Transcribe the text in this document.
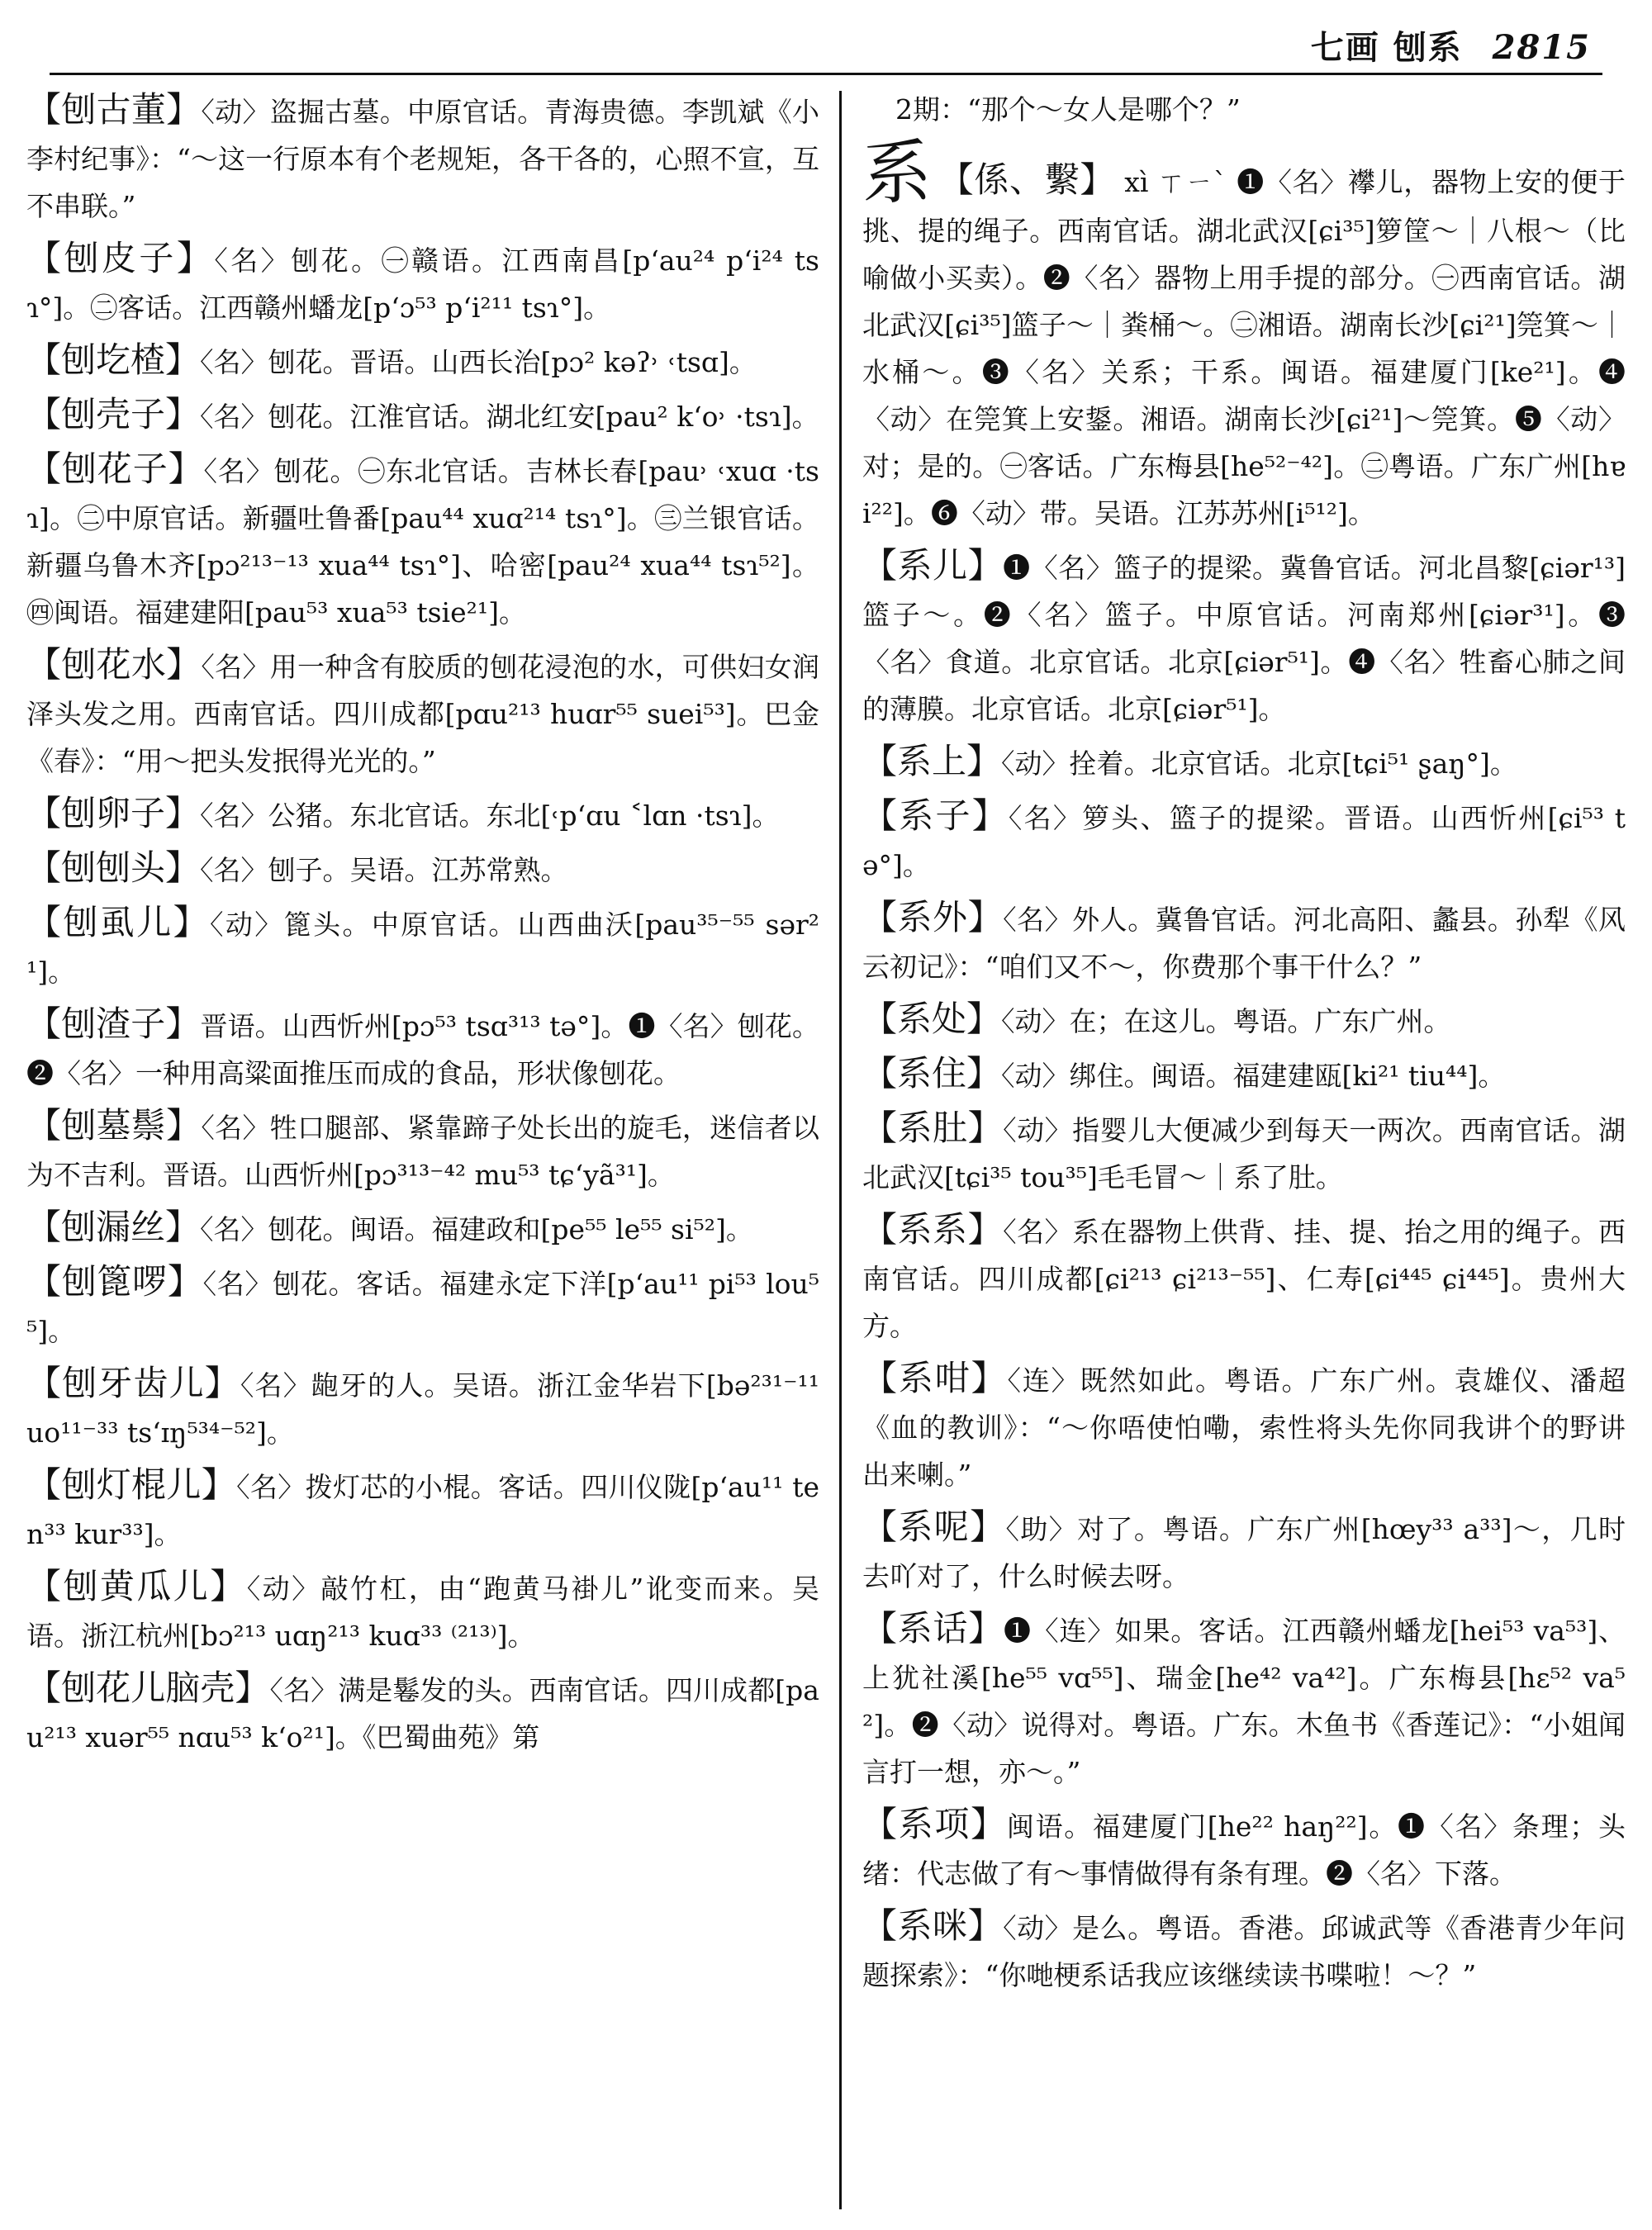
七画 刨系 2815
【刨古董】〈动〉盗掘古墓。中原官话。青海贵德。李凯斌《小李村纪事》：“～这一行原本有个老规矩，各干各的，心照不宣，互不串联。”
【刨皮子】〈名〉刨花。㊀赣语。江西南昌[pʻau²⁴ pʻi²⁴ tsɿ°]。㊁客话。江西赣州蟠龙[pʻɔ⁵³ pʻi²¹¹ tsɿ°]。
【刨圪楂】〈名〉刨花。晋语。山西长治[pɔ² kəʔ˒ ˓tsɑ]。
【刨壳子】〈名〉刨花。江淮官话。湖北红安[pau² kʻo˒ ·tsɿ]。
【刨花子】〈名〉刨花。㊀东北官话。吉林长春[pau˒ ˓xuɑ ·tsɿ]。㊁中原官话。新疆吐鲁番[pau⁴⁴ xuɑ²¹⁴ tsɿ°]。㊂兰银官话。新疆乌鲁木齐[pɔ²¹³⁻¹³ xua⁴⁴ tsɿ°]、哈密[pau²⁴ xua⁴⁴ tsɿ⁵²]。㊃闽语。福建建阳[pau⁵³ xua⁵³ tsie²¹]。
【刨花水】〈名〉用一种含有胶质的刨花浸泡的水，可供妇女润泽头发之用。西南官话。四川成都[pɑu²¹³ huɑr⁵⁵ suei⁵³]。巴金《春》：“用～把头发抿得光光的。”
【刨卵子】〈名〉公猪。东北官话。东北[˓pʻɑu ˂lɑn ·tsɿ]。
【刨刨头】〈名〉刨子。吴语。江苏常熟。
【刨虱儿】〈动〉篦头。中原官话。山西曲沃[pau³⁵⁻⁵⁵ sər²¹]。
【刨渣子】晋语。山西忻州[pɔ⁵³ tsɑ³¹³ tə°]。❶〈名〉刨花。❷〈名〉一种用高粱面推压而成的食品，形状像刨花。
【刨墓鬃】〈名〉牲口腿部、紧靠蹄子处长出的旋毛，迷信者以为不吉利。晋语。山西忻州[pɔ³¹³⁻⁴² mu⁵³ tɕʻyã³¹]。
【刨漏丝】〈名〉刨花。闽语。福建政和[pe⁵⁵ le⁵⁵ si⁵²]。
【刨篦啰】〈名〉刨花。客话。福建永定下洋[pʻau¹¹ pi⁵³ lou⁵⁵]。
【刨牙齿儿】〈名〉龅牙的人。吴语。浙江金华岩下[bə²³¹⁻¹¹ uo¹¹⁻³³ tsʻɪŋ⁵³⁴⁻⁵²]。
【刨灯棍儿】〈名〉拨灯芯的小棍。客话。四川仪陇[pʻau¹¹ ten³³ kur³³]。
【刨黄瓜儿】〈动〉敲竹杠，由“跑黄马褂儿”讹变而来。吴语。浙江杭州[bɔ²¹³ uɑŋ²¹³ kuɑ³³ ⁽²¹³⁾]。
【刨花儿脑壳】〈名〉满是鬈发的头。西南官话。四川成都[pau²¹³ xuər⁵⁵ nɑu⁵³ kʻo²¹]。《巴蜀曲苑》第
2期：“那个～女人是哪个？”
系 【係、繫】 xì ㄒㄧˋ ❶〈名〉襻儿，器物上安的便于挑、提的绳子。西南官话。湖北武汉[ɕi³⁵]箩筐～｜八根～（比喻做小买卖）。❷〈名〉器物上用手提的部分。㊀西南官话。湖北武汉[ɕi³⁵]篮子～｜粪桶～。㊁湘语。湖南长沙[ɕi²¹]筦箕～｜水桶～。❸〈名〉关系；干系。闽语。福建厦门[ke²¹]。❹〈动〉在筦箕上安鋬。湘语。湖南长沙[ɕi²¹]～筦箕。❺〈动〉对；是的。㊀客话。广东梅县[he⁵²⁻⁴²]。㊁粤语。广东广州[hɐi²²]。❻〈动〉带。吴语。江苏苏州[i⁵¹²]。
【系儿】❶〈名〉篮子的提梁。冀鲁官话。河北昌黎[ɕiər¹³]篮子～。❷〈名〉篮子。中原官话。河南郑州[ɕiər³¹]。❸〈名〉食道。北京官话。北京[ɕiər⁵¹]。❹〈名〉牲畜心肺之间的薄膜。北京官话。北京[ɕiər⁵¹]。
【系上】〈动〉拴着。北京官话。北京[tɕi⁵¹ ʂaŋ°]。
【系子】〈名〉箩头、篮子的提梁。晋语。山西忻州[ɕi⁵³ tə°]。
【系外】〈名〉外人。冀鲁官话。河北高阳、蠡县。孙犁《风云初记》：“咱们又不～，你费那个事干什么？”
【系处】〈动〉在；在这儿。粤语。广东广州。
【系住】〈动〉绑住。闽语。福建建瓯[ki²¹ tiu⁴⁴]。
【系肚】〈动〉指婴儿大便减少到每天一两次。西南官话。湖北武汉[tɕi³⁵ tou³⁵]毛毛冒～｜系了肚。
【系系】〈名〉系在器物上供背、挂、提、抬之用的绳子。西南官话。四川成都[ɕi²¹³ ɕi²¹³⁻⁵⁵]、仁寿[ɕi⁴⁴⁵ ɕi⁴⁴⁵]。贵州大方。
【系咁】〈连〉既然如此。粤语。广东广州。袁雄仪、潘超《血的教训》：“～你唔使怕嘞，索性将头先你同我讲个的野讲出来喇。”
【系呢】〈助〉对了。粤语。广东广州[hœy³³ a³³]～，几时去吖对了，什么时候去呀。
【系话】❶〈连〉如果。客话。江西赣州蟠龙[hei⁵³ va⁵³]、上犹社溪[he⁵⁵ vɑ⁵⁵]、瑞金[he⁴² va⁴²]。广东梅县[hɛ⁵² va⁵²]。❷〈动〉说得对。粤语。广东。木鱼书《香莲记》：“小姐闻言打一想，亦～。”
【系项】闽语。福建厦门[he²² haŋ²²]。❶〈名〉条理；头绪：代志做了有～事情做得有条有理。❷〈名〉下落。
【系咪】〈动〉是么。粤语。香港。邱诚武等《香港青少年问题探索》：“你哋梗系话我应该继续读书喋啦！～？”
